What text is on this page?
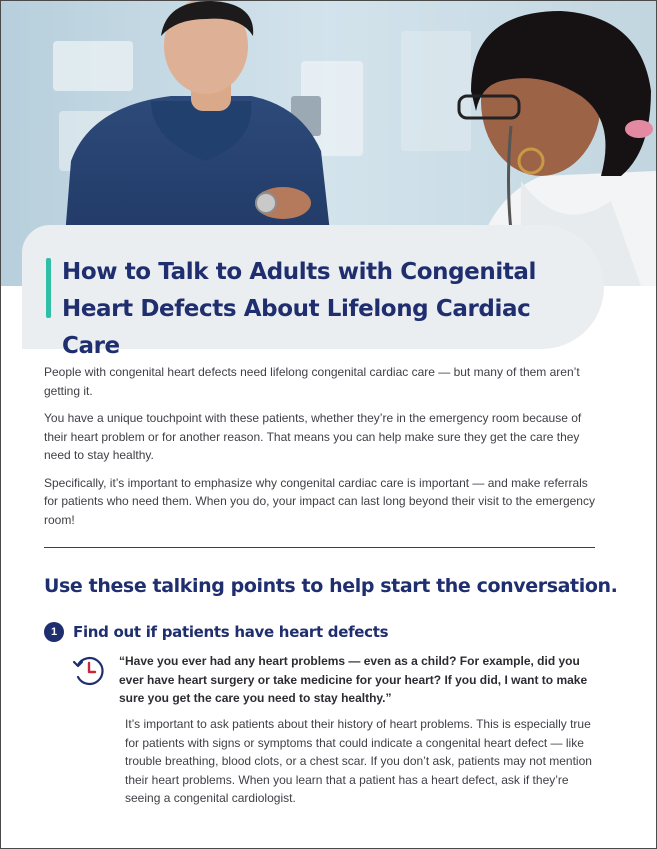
How to Talk to Adults with Congenital Heart Defects About Lifelong Cardiac Care

People with congenital heart defects need lifelong congenital cardiac care — but many of them aren’t getting it.

You have a unique touchpoint with these patients, whether they’re in the emergency room because of their heart problem or for another reason. That means you can help make sure they get the care they need to stay healthy.

Specifically, it’s important to emphasize why congenital cardiac care is important — and make referrals for patients who need them. When you do, your impact can last long beyond their visit to the emergency room!

Use these talking points to help start the conversation.
1	Find out if patients have heart defects

“Have you ever had any heart problems — even as a child? For example, did you ever have heart surgery or take medicine for your heart? If you did, I want to make sure you get the care you need to stay healthy.”

It’s important to ask patients about their history of heart problems. This is especially true for patients with signs or symptoms that could indicate a congenital heart defect — like trouble breathing, blood clots, or a chest scar. If you don’t ask, patients may not mention their heart problems. When you learn that a patient has a heart defect, ask if they’re seeing a congenital cardiologist.
